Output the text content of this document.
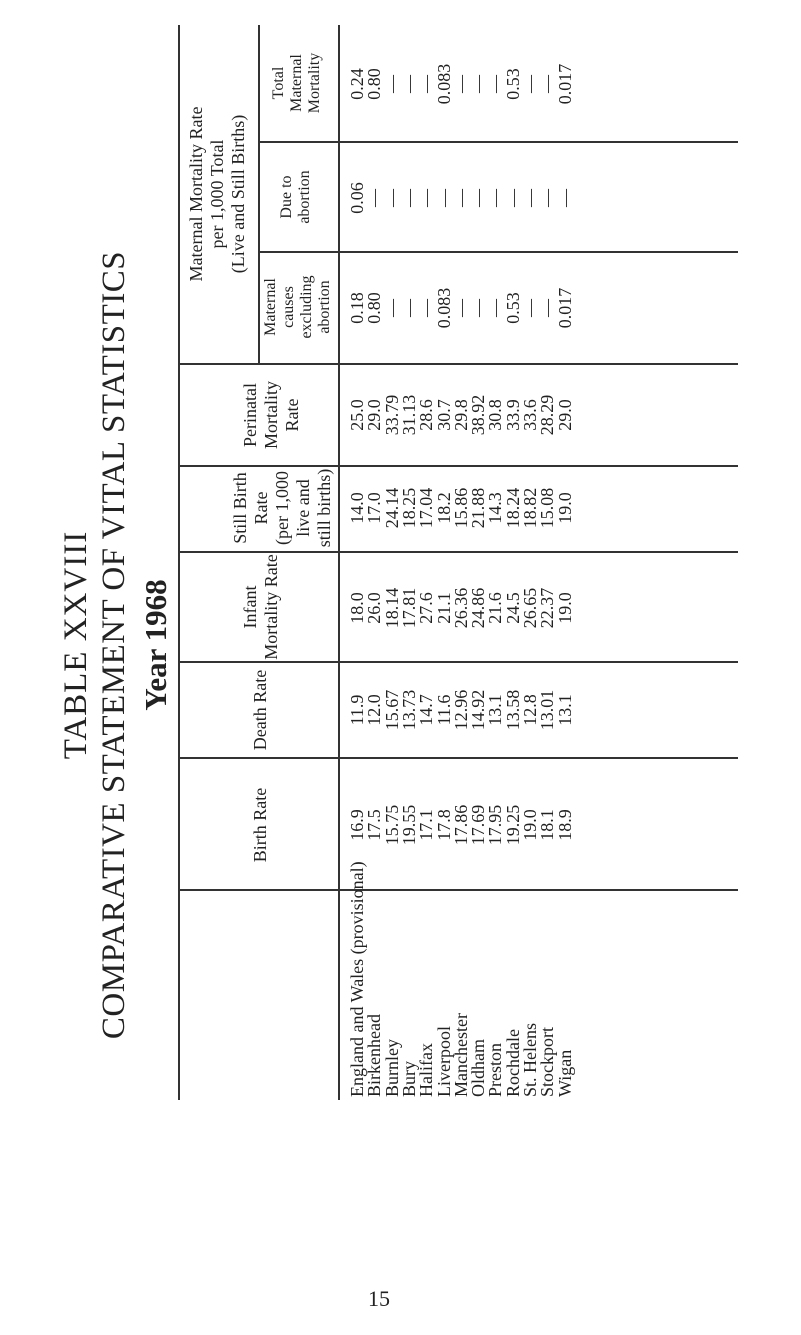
TABLE XXVIII COMPARATIVE STATEMENT OF VITAL STATISTICS Year 1968
Birth Rate
Death Rate
Infant Mortality Rate
Still Birth Rate (per 1,000 live and still births)
Perinatal Mortality Rate
Maternal Mortality Rate per 1,000 Total (Live and Still Births)
Maternal causes excluding abortion
Due to abortion
Total Maternal Mortality
England and Wales (provisional)
16.9
11.9
18.0
14.0
25.0
0.18
0.06
0.24
Birkenhead
17.5
12.0
26.0
17.0
29.0
0.80
—
0.80
Burnley
15.75
15.67
18.14
24.14
33.79
—
—
—
Bury
19.55
13.73
17.81
18.25
31.13
—
—
—
Halifax
17.1
14.7
27.6
17.04
28.6
—
—
—
Liverpool
17.8
11.6
21.1
18.2
30.7
0.083
—
0.083
Manchester
17.86
12.96
26.36
15.86
29.8
—
—
—
Oldham
17.69
14.92
24.86
21.88
38.92
—
—
—
Preston
17.95
13.1
21.6
14.3
30.8
—
—
—
Rochdale
19.25
13.58
24.5
18.24
33.9
0.53
—
0.53
St. Helens
19.0
12.8
26.65
18.82
33.6
—
—
—
Stockport
18.1
13.01
22.37
15.08
28.29
—
—
—
Wigan
18.9
13.1
19.0
19.0
29.0
0.017
—
0.017
15
